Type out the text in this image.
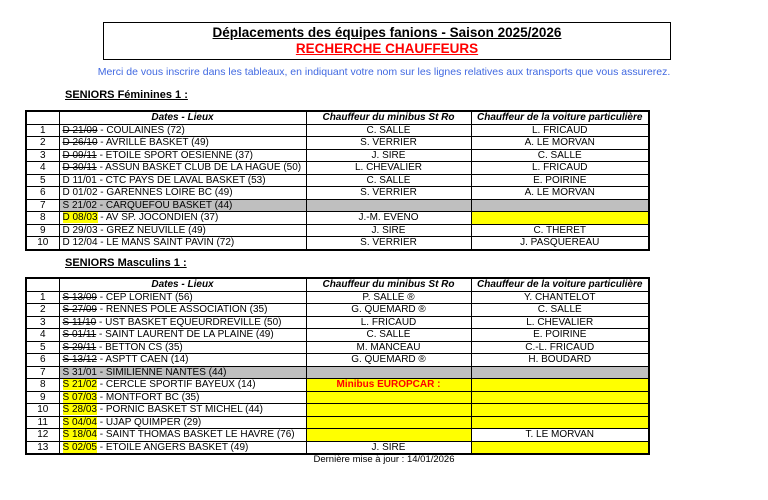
Déplacements des équipes fanions - Saison 2025/2026
RECHERCHE CHAUFFEURS
Merci de vous inscrire dans les tableaux, en indiquant votre nom sur les lignes relatives aux transports que vous assurerez.
SENIORS Féminines 1 :
	Dates - Lieux	Chauffeur du minibus St Ro	Chauffeur de la voiture particulière
1	D 21/09 - COULAINES (72)	C. SALLÉ	L. FRICAUD
2	D 26/10 - AVRILLÉ BASKET (49)	S. VERRIER	A. LE MORVAN
3	D 09/11 - ETOILE SPORT OESIENNE (37)	J. SIRE	C. SALLÉ
4	D 30/11 - ASSUN BASKET CLUB DE LA HAGUE (50)	L. CHEVALIER	L. FRICAUD
5	D 11/01 - CTC PAYS DE LAVAL BASKET (53)	C. SALLÉ	E. POIRINE
6	D 01/02 - GARENNES LOIRE BC (49)	S. VERRIER	A. LE MORVAN
7	S 21/02 - CARQUEFOU BASKET (44)		
8	D 08/03 - AV SP. JOCONDIEN (37)	J.-M. EVENO	
9	D 29/03 - GREZ NEUVILLE (49)	J. SIRE	C. THERET
10	D 12/04 - LE MANS SAINT PAVIN (72)	S. VERRIER	J. PASQUEREAU
SENIORS Masculins 1 :
	Dates - Lieux	Chauffeur du minibus St Ro	Chauffeur de la voiture particulière
1	S 13/09 - CEP LORIENT (56)	P. SALLÉ ®	Y. CHANTELOT
2	S 27/09 - RENNES POLE ASSOCIATION (35)	G. QUEMARD ®	C. SALLÉ
3	S 11/10 - UST BASKET EQUEURDREVILLE (50)	L. FRICAUD	L. CHEVALIER
4	S 01/11 - SAINT LAURENT DE LA PLAINE (49)	C. SALLÉ	E. POIRINE
5	S 29/11 - BETTON CS (35)	M. MANCEAU	C.-L. FRICAUD
6	S 13/12 - ASPTT CAEN (14)	G. QUEMARD ®	H. BOUDARD
7	S 31/01 - SIMILIENNE NANTES (44)		
8	S 21/02 - CERCLE SPORTIF BAYEUX (14)	Minibus EUROPCAR :	
9	S 07/03 - MONTFORT BC (35)		
10	S 28/03 - PORNIC BASKET ST MICHEL (44)		
11	S 04/04 - UJAP QUIMPER (29)		
12	S 18/04 - SAINT THOMAS BASKET LE HAVRE (76)		T. LE MORVAN
13	S 02/05 - ETOILE ANGERS BASKET (49)	J. SIRE	
Dernière mise à jour : 14/01/2026
